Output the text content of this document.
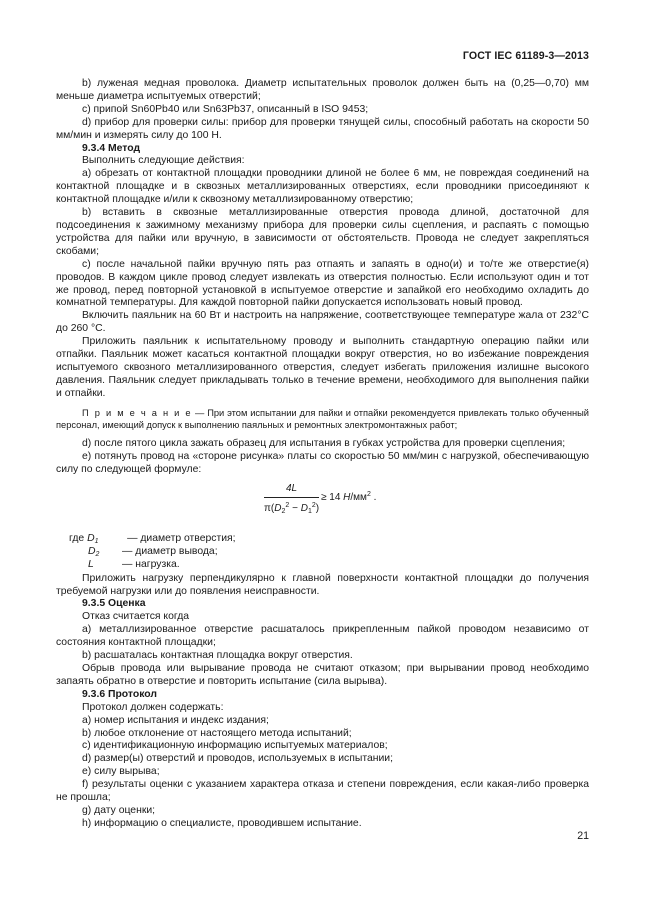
ГОСТ IEC 61189-3—2013

b) луженая медная проволока. Диаметр испытательных проволок должен быть на (0,25—0,70) мм меньше диаметра испытуемых отверстий;

c) припой Sn60Pb40 или Sn63Pb37, описанный в ISO 9453;

d) прибор для проверки силы: прибор для проверки тянущей силы, способный работать на скорости 50 мм/мин и измерять силу до 100 Н.

9.3.4 Метод

Выполнить следующие действия:

a) обрезать от контактной площадки проводники длиной не более 6 мм, не повреждая соединений на контактной площадке и в сквозных металлизированных отверстиях, если проводники присоединяют к контактной площадке и/или к сквозному металлизированному отверстию;

b) вставить в сквозные металлизированные отверстия провода длиной, достаточной для подсоединения к зажимному механизму прибора для проверки силы сцепления, и распаять с помощью устройства для пайки или вручную, в зависимости от обстоятельств. Провода не следует закрепляться скобами;

c) после начальной пайки вручную пять раз отпаять и запаять в одно(и) и то/те же отверстие(я) проводов. В каждом цикле провод следует извлекать из отверстия полностью. Если используют один и тот же провод, перед повторной установкой в испытуемое отверстие и запайкой его необходимо охладить до комнатной температуры. Для каждой повторной пайки допускается использовать новый провод.

Включить паяльник на 60 Вт и настроить на напряжение, соответствующее температуре жала от 232°С до 260 °С.

Приложить паяльник к испытательному проводу и выполнить стандартную операцию пайки или отпайки. Паяльник может касаться контактной площадки вокруг отверстия, но во избежание повреждения испытуемого сквозного металлизированного отверстия, следует избегать приложения излишне высокого давления. Паяльник следует прикладывать только в течение времени, необходимого для выполнения пайки и отпайки.

П р и м е ч а н и е — При этом испытании для пайки и отпайки рекомендуется привлекать только обученный персонал, имеющий допуск к выполнению паяльных и ремонтных электромонтажных работ;

d) после пятого цикла зажать образец для испытания в губках устройства для проверки сцепления;

e) потянуть провод на «стороне рисунка» платы со скоростью 50 мм/мин с нагрузкой, обеспечивающую силу по следующей формуле:

$\frac{4L}{\pi(D_2^2 - D_1^2)} \ge 14$ $Н/мм^2$ .
где $D_1$	— диаметр отверстия;
$D_2$ — диаметр вывода;
L	— нагрузка.

Приложить нагрузку перпендикулярно к главной поверхности контактной площадки до получения требуемой нагрузки или до появления неисправности.

9.3.5 Оценка

Отказ считается когда

a) металлизированное отверстие расшаталось прикрепленным пайкой проводом независимо от состояния контактной площадки;

b) расшаталась контактная площадка вокруг отверстия.

Обрыв провода или вырывание провода не считают отказом; при вырывании провод необходимо запаять обратно в отверстие и повторить испытание (сила вырыва).

9.3.6 Протокол

Протокол должен содержать:

a) номер испытания и индекс издания;

b) любое отклонение от настоящего метода испытаний;

c) идентификационную информацию испытуемых материалов;

d) размер(ы) отверстий и проводов, используемых в испытании;

e) силу вырыва;

f) результаты оценки с указанием характера отказа и степени повреждения, если какая-либо проверка не прошла;

g) дату оценки;

h) информацию о специалисте, проводившем испытание.

21
